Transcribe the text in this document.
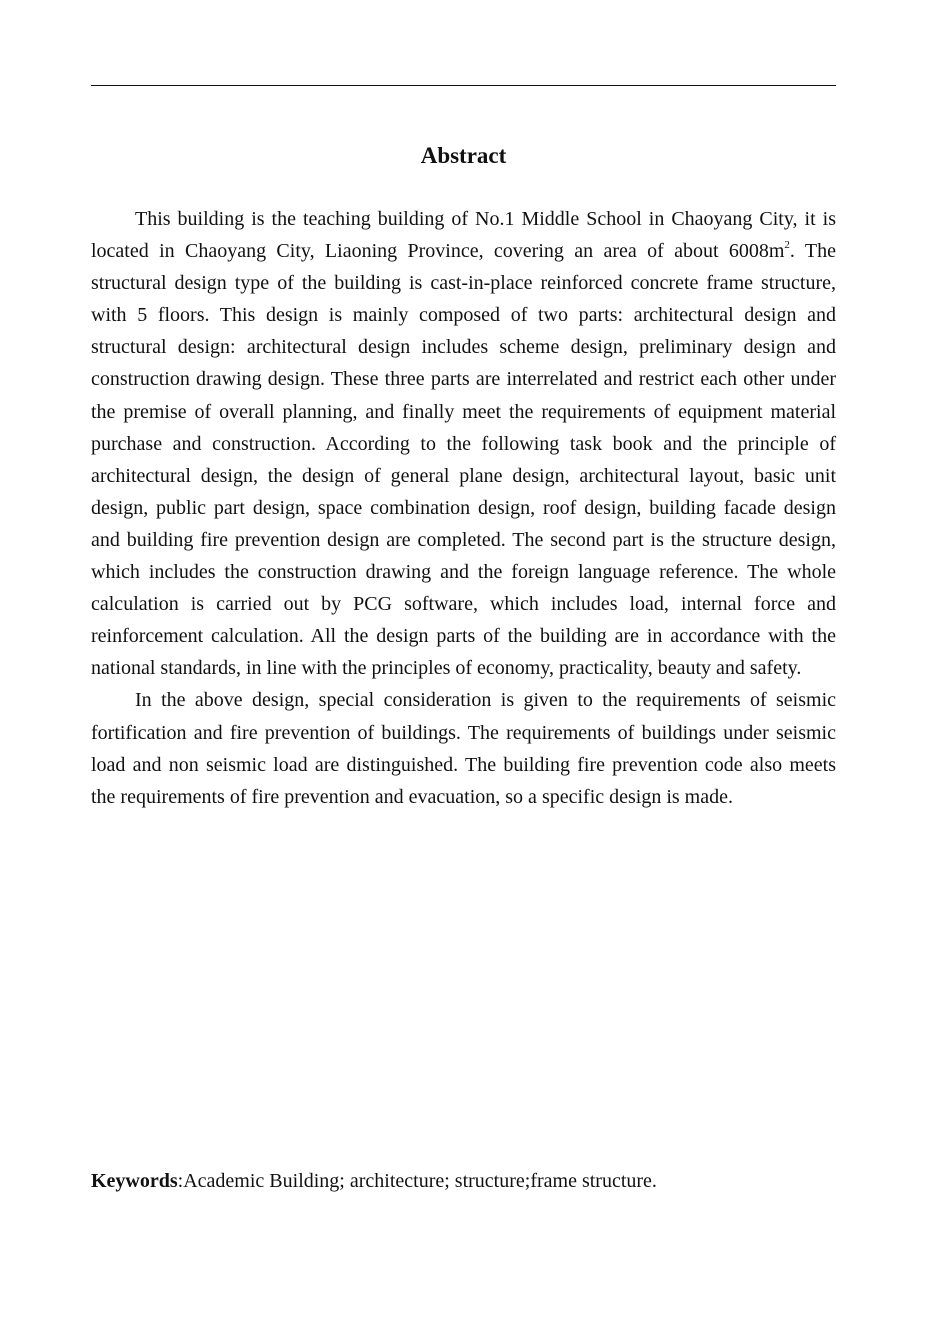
Abstract

This building is the teaching building of No.1 Middle School in Chaoyang City, it is located in Chaoyang City, Liaoning Province, covering an area of about $6008m^2$. The structural design type of the building is cast-in-place reinforced concrete frame structure, with 5 floors. This design is mainly composed of two parts: architectural design and structural design: architectural design includes scheme design, preliminary design and construction drawing design. These three parts are interrelated and restrict each other under the premise of overall planning, and finally meet the requirements of equipment material purchase and construction. According to the following task book and the principle of architectural design, the design of general plane design, architectural layout, basic unit design, public part design, space combination design, roof design, building facade design and building fire prevention design are completed. The second part is the structure design, which includes the construction drawing and the foreign language reference. The whole calculation is carried out by PCG software, which includes load, internal force and reinforcement calculation. All the design parts of the building are in accordance with the national standards, in line with the principles of economy, practicality, beauty and safety.

In the above design, special consideration is given to the requirements of seismic fortification and fire prevention of buildings. The requirements of buildings under seismic load and non seismic load are distinguished. The building fire prevention code also meets the requirements of fire prevention and evacuation, so a specific design is made.

Keywords:Academic Building; architecture; structure;frame structure.
